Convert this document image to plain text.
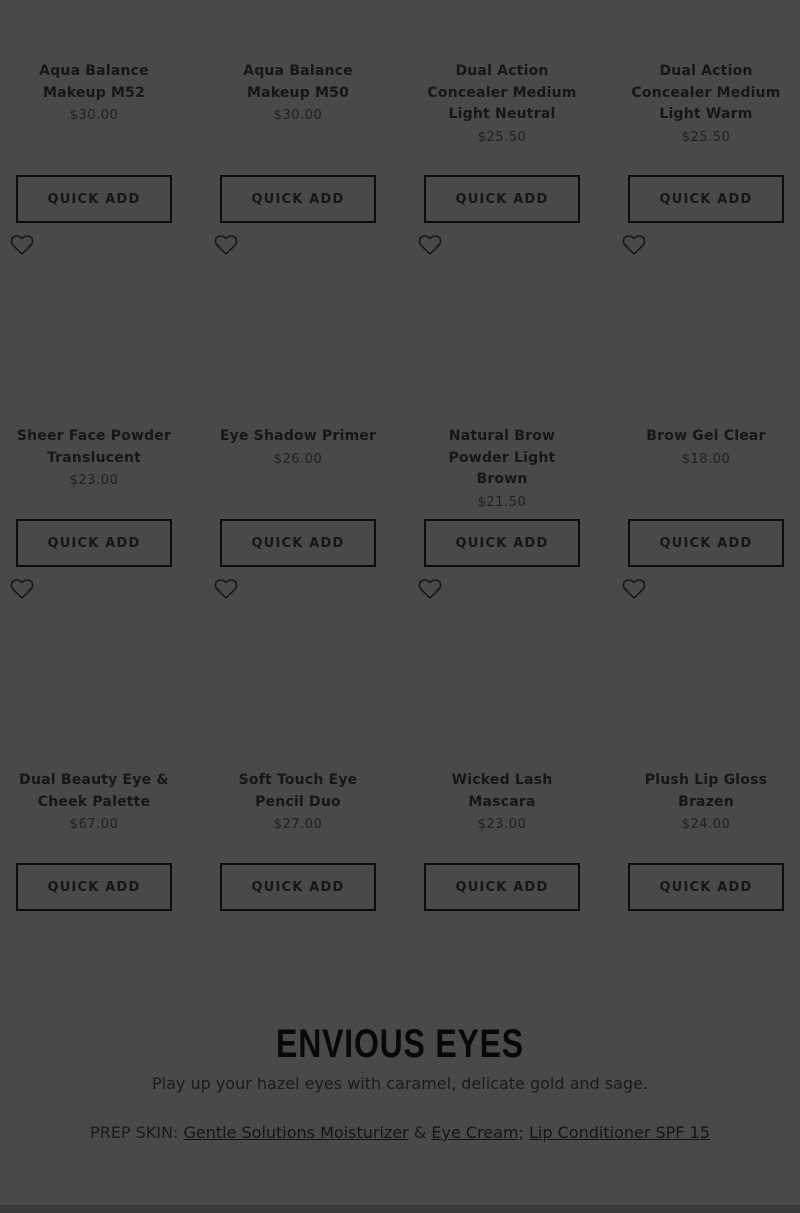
Aqua Balance Makeup M52
$30.00
QUICK ADD
Aqua Balance Makeup M50
$30.00
QUICK ADD
Dual Action Concealer Medium Light Neutral
$25.50
QUICK ADD
Dual Action Concealer Medium Light Warm
$25.50
QUICK ADD
Sheer Face Powder Translucent
$23.00
QUICK ADD
Eye Shadow Primer
$26.00
QUICK ADD
Natural Brow Powder Light Brown
$21.50
QUICK ADD
Brow Gel Clear
$18.00
QUICK ADD
Dual Beauty Eye & Cheek Palette
$67.00
QUICK ADD
Soft Touch Eye Pencil Duo
$27.00
QUICK ADD
Wicked Lash Mascara
$23.00
QUICK ADD
Plush Lip Gloss Brazen
$24.00
QUICK ADD
ENVIOUS EYES
Play up your hazel eyes with caramel, delicate gold and sage.
PREP SKIN: Gentle Solutions Moisturizer & Eye Cream; Lip Conditioner SPF 15
